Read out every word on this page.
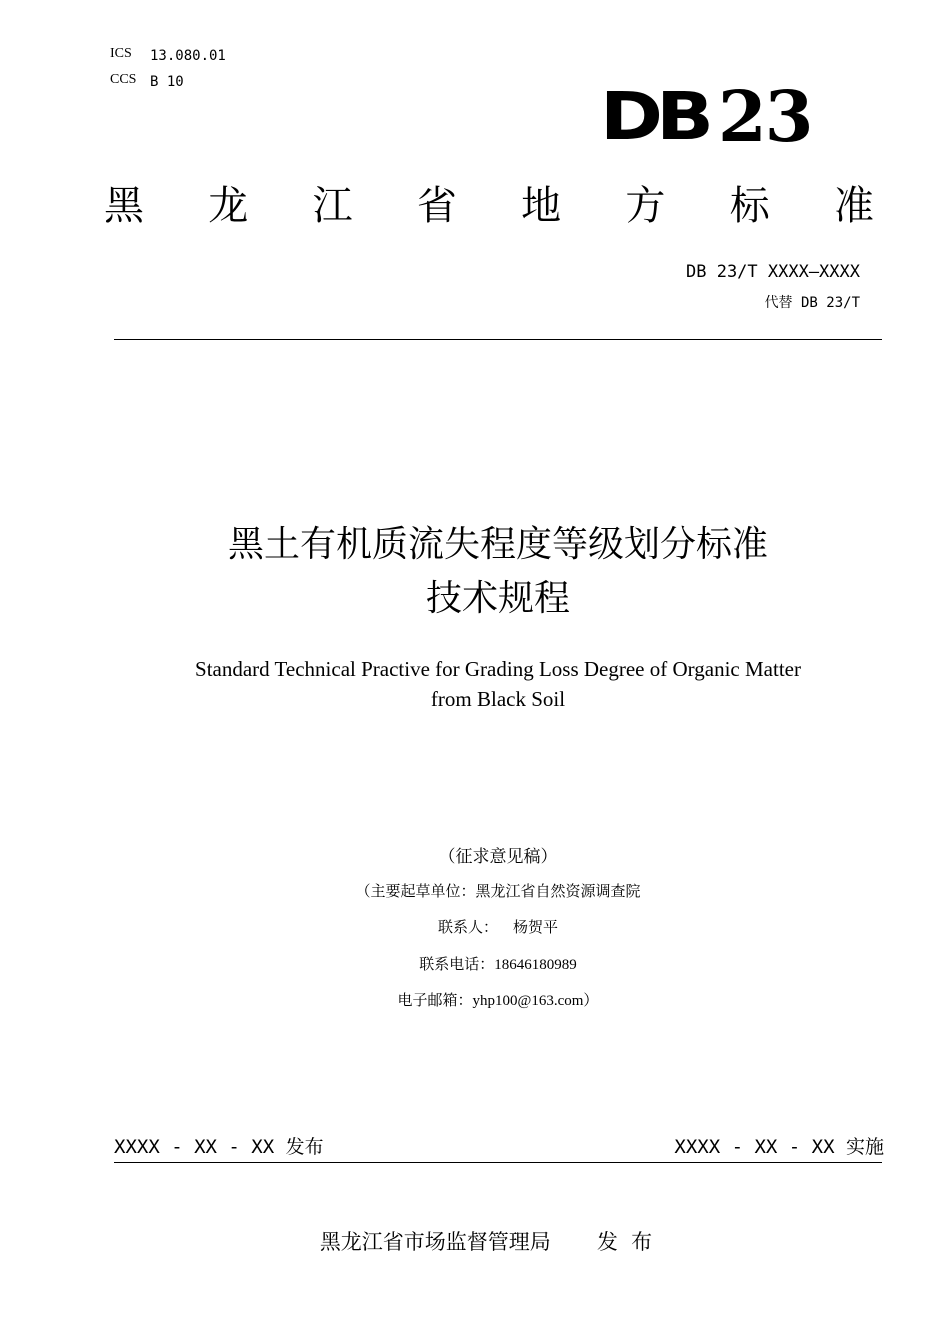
ICS 13.080.01
CCS B 10	DB 23
黑 龙 江 省 地 方 标 准
DB 23/T XXXX—XXXX
代替 DB 23/T
黑土有机质流失程度等级划分标准
技术规程
Standard Technical Practive for Grading Loss Degree of Organic Matter
from Black Soil
（征求意见稿）
（主要起草单位：黑龙江省自然资源调查院
联系人：    杨贺平
联系电话：18646180989
电子邮箱：yhp100@163.com）
XXXX - XX - XX 发布	XXXX - XX - XX 实施
黑龙江省市场监督管理局 发  布
